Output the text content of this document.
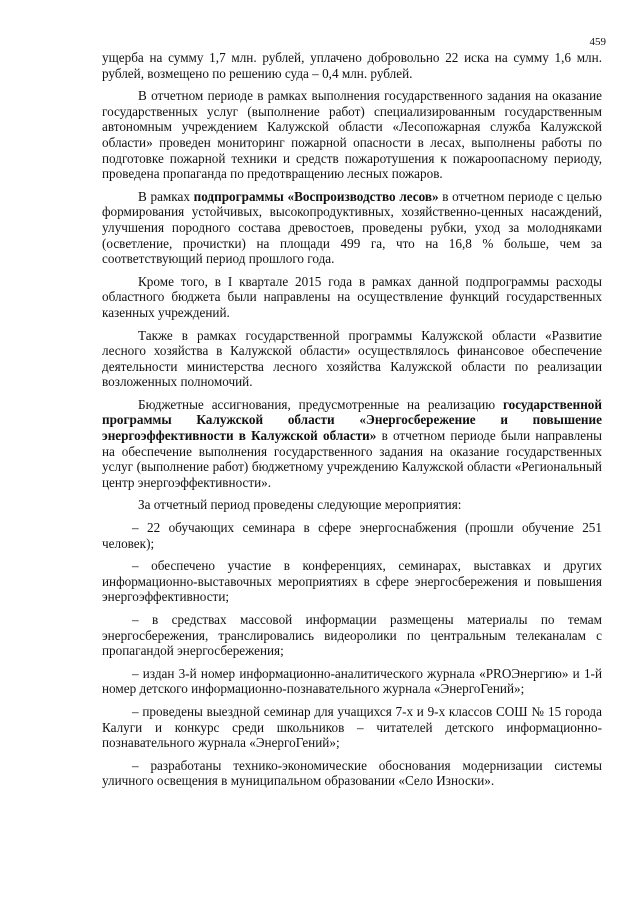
459

ущерба на сумму 1,7 млн. рублей, уплачено добровольно 22 иска на сумму 1,6 млн. рублей, возмещено по решению суда – 0,4 млн. рублей.

В отчетном периоде в рамках выполнения государственного задания на оказание государственных услуг (выполнение работ) специализированным государственным автономным учреждением Калужской области «Лесопожарная служба Калужской области» проведен мониторинг пожарной опасности в лесах, выполнены работы по подготовке пожарной техники и средств пожаротушения к пожароопасному периоду, проведена пропаганда по предотвращению лесных пожаров.

В рамках подпрограммы «Воспроизводство лесов» в отчетном периоде с целью формирования устойчивых, высокопродуктивных, хозяйственно-ценных насаждений, улучшения породного состава древостоев, проведены рубки, уход за молодняками (осветление, прочистки) на площади 499 га, что на 16,8 % больше, чем за соответствующий период прошлого года.

Кроме того, в I квартале 2015 года в рамках данной подпрограммы расходы областного бюджета были направлены на осуществление функций государственных казенных учреждений.

Также в рамках государственной программы Калужской области «Развитие лесного хозяйства в Калужской области» осуществлялось финансовое обеспечение деятельности министерства лесного хозяйства Калужской области по реализации возложенных полномочий.

Бюджетные ассигнования, предусмотренные на реализацию государственной программы Калужской области «Энергосбережение и повышение энергоэффективности в Калужской области» в отчетном периоде были направлены на обеспечение выполнения государственного задания на оказание государственных услуг (выполнение работ) бюджетному учреждению Калужской области «Региональный центр энергоэффективности».

За отчетный период проведены следующие мероприятия:

– 22 обучающих семинара в сфере энергоснабжения (прошли обучение 251 человек);

– обеспечено участие в конференциях, семинарах, выставках и других информационно-выставочных мероприятиях в сфере энергосбережения и повышения энергоэффективности;

– в средствах массовой информации размещены материалы по темам энергосбережения, транслировались видеоролики по центральным телеканалам с пропагандой энергосбережения;

– издан 3-й номер информационно-аналитического журнала «PROЭнергию» и 1-й номер детского информационно-познавательного журнала «ЭнергоГений»;

– проведены выездной семинар для учащихся 7-х и 9-х классов СОШ № 15 города Калуги и конкурс среди школьников – читателей детского информационно-познавательного журнала «ЭнергоГений»;

– разработаны технико-экономические обоснования модернизации системы уличного освещения в муниципальном образовании «Село Износки».
